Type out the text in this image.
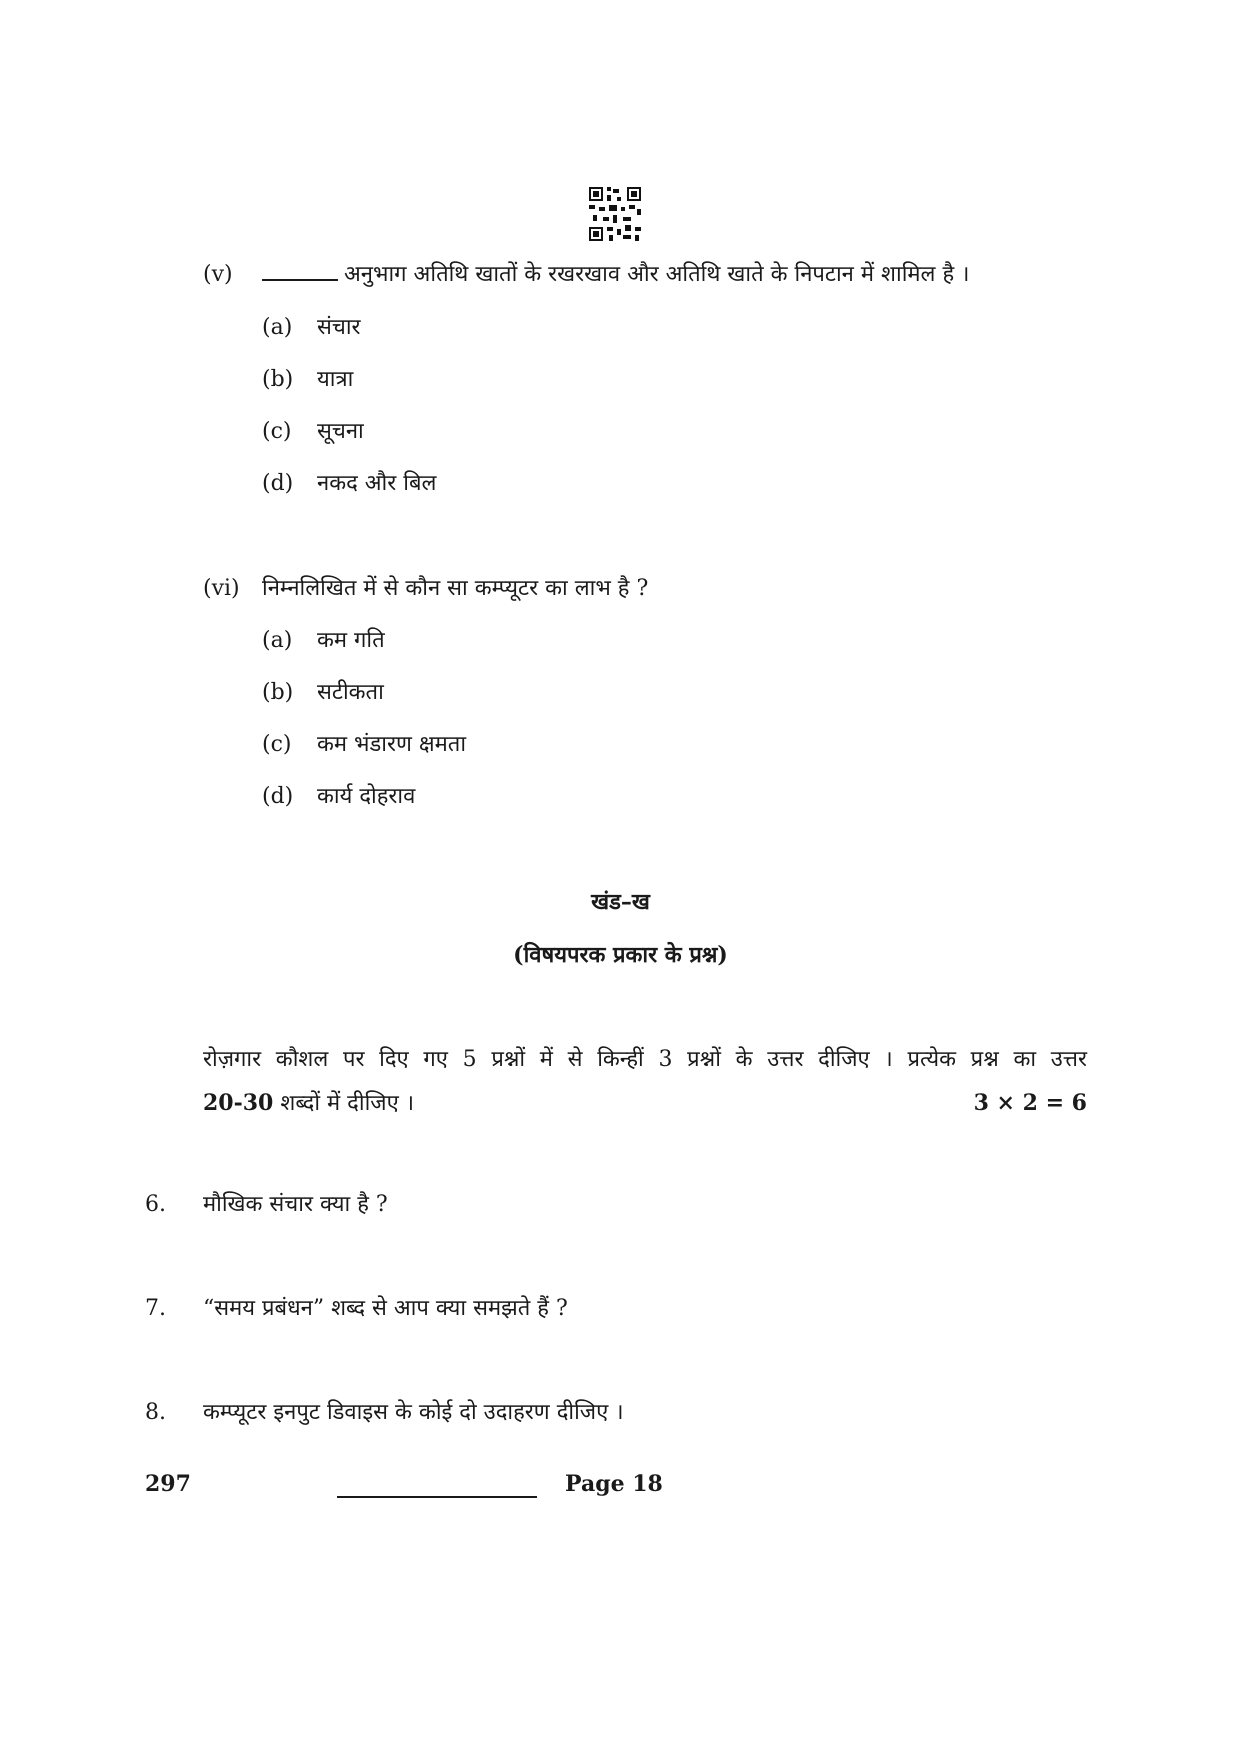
(v)	अनुभाग अतिथि खातों के रखरखाव और अतिथि खाते के निपटान में शामिल है ।
(a) संचार
(b) यात्रा
(c) सूचना
(d) नकद और बिल
(vi) निम्नलिखित में से कौन सा कम्प्यूटर का लाभ है ?
(a) कम गति
(b) सटीकता
(c) कम भंडारण क्षमता
(d) कार्य दोहराव
खंड–ख
(विषयपरक प्रकार के प्रश्न)
रोज़गार कौशल पर दिए गए 5 प्रश्नों में से किन्हीं 3 प्रश्नों के उत्तर दीजिए । प्रत्येक प्रश्न का उत्तर
20-30 शब्दों में दीजिए ।	3 × 2 = 6
6. मौखिक संचार क्या है ?
7. “समय प्रबंधन” शब्द से आप क्या समझते हैं ?
8. कम्प्यूटर इनपुट डिवाइस के कोई दो उदाहरण दीजिए ।
297	Page 18
